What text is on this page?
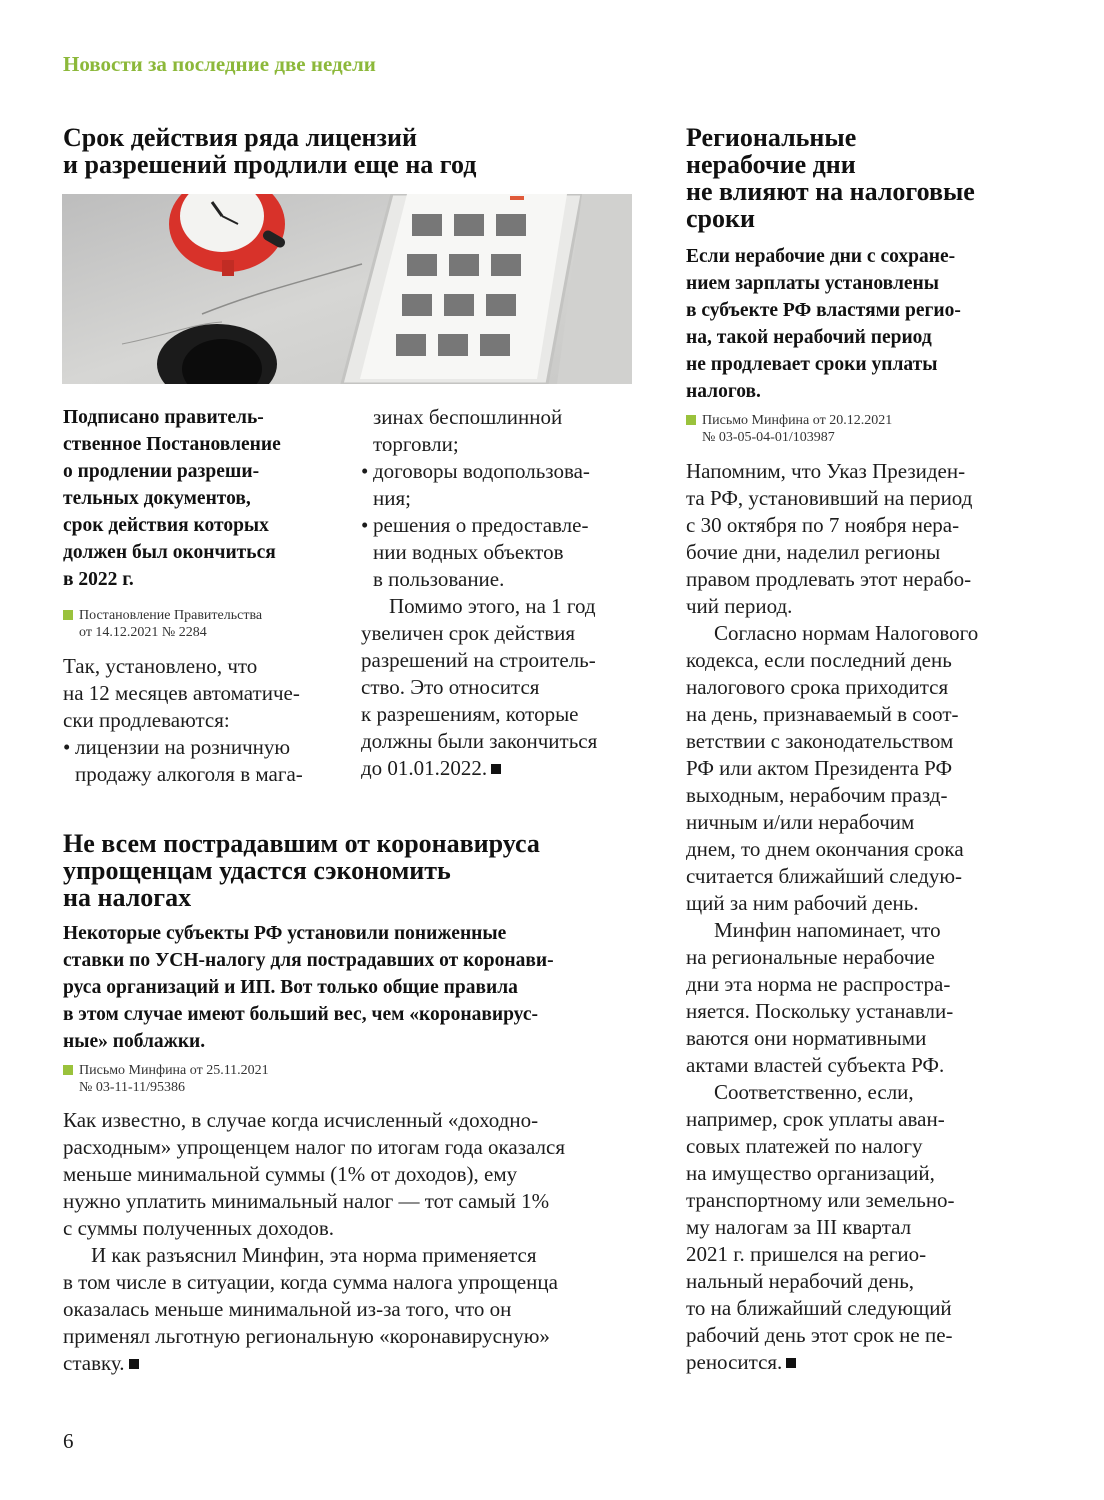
Новости за последние две недели
Срок действия ряда лицензий
и разрешений продлили еще на год
Подписано правитель-
ственное Постановление
о продлении разреши-
тельных документов,
срок действия которых
должен был окончиться
в 2022 г.
Постановление Правительства
от 14.12.2021 № 2284
Так, установлено, что
на 12 месяцев автоматиче-
ски продлеваются:
• лицензии на розничную
продажу алкоголя в мага-
зинах беспошлинной
торговли;
• договоры водопользова-
ния;
• решения о предоставле-
нии водных объектов
в пользование.
Помимо этого, на 1 год
увеличен срок действия
разрешений на строитель-
ство. Это относится
к разрешениям, которые
должны были закончиться
до 01.01.2022.
Не всем пострадавшим от коронавируса
упрощенцам удастся сэкономить
на налогах
Некоторые субъекты РФ установили пониженные
ставки по УСН-налогу для пострадавших от коронави-
руса организаций и ИП. Вот только общие правила
в этом случае имеют больший вес, чем «коронавирус-
ные» поблажки.
Письмо Минфина от 25.11.2021
№ 03-11-11/95386
Как известно, в случае когда исчисленный «доходно-
расходным» упрощенцем налог по итогам года оказался
меньше минимальной суммы (1% от доходов), ему
нужно уплатить минимальный налог — тот самый 1%
с суммы полученных доходов.
И как разъяснил Минфин, эта норма применяется
в том числе в ситуации, когда сумма налога упрощенца
оказалась меньше минимальной из-за того, что он
применял льготную региональную «коронавирусную»
ставку.
Региональные
нерабочие дни
не влияют на налоговые
сроки
Если нерабочие дни с сохране-
нием зарплаты установлены
в субъекте РФ властями регио-
на, такой нерабочий период
не продлевает сроки уплаты
налогов.
Письмо Минфина от 20.12.2021
№ 03-05-04-01/103987
Напомним, что Указ Президен-
та РФ, установивший на период
с 30 октября по 7 ноября нера-
бочие дни, наделил регионы
правом продлевать этот нерабо-
чий период.
Согласно нормам Налогового
кодекса, если последний день
налогового срока приходится
на день, признаваемый в соот-
ветствии с законодательством
РФ или актом Президента РФ
выходным, нерабочим празд-
ничным и/или нерабочим
днем, то днем окончания срока
считается ближайший следую-
щий за ним рабочий день.
Минфин напоминает, что
на региональные нерабочие
дни эта норма не распростра-
няется. Поскольку устанавли-
ваются они нормативными
актами властей субъекта РФ.
Соответственно, если,
например, срок уплаты аван-
совых платежей по налогу
на имущество организаций,
транспортному или земельно-
му налогам за III квартал
2021 г. пришелся на регио-
нальный нерабочий день,
то на ближайший следующий
рабочий день этот срок не пе-
реносится.
6
